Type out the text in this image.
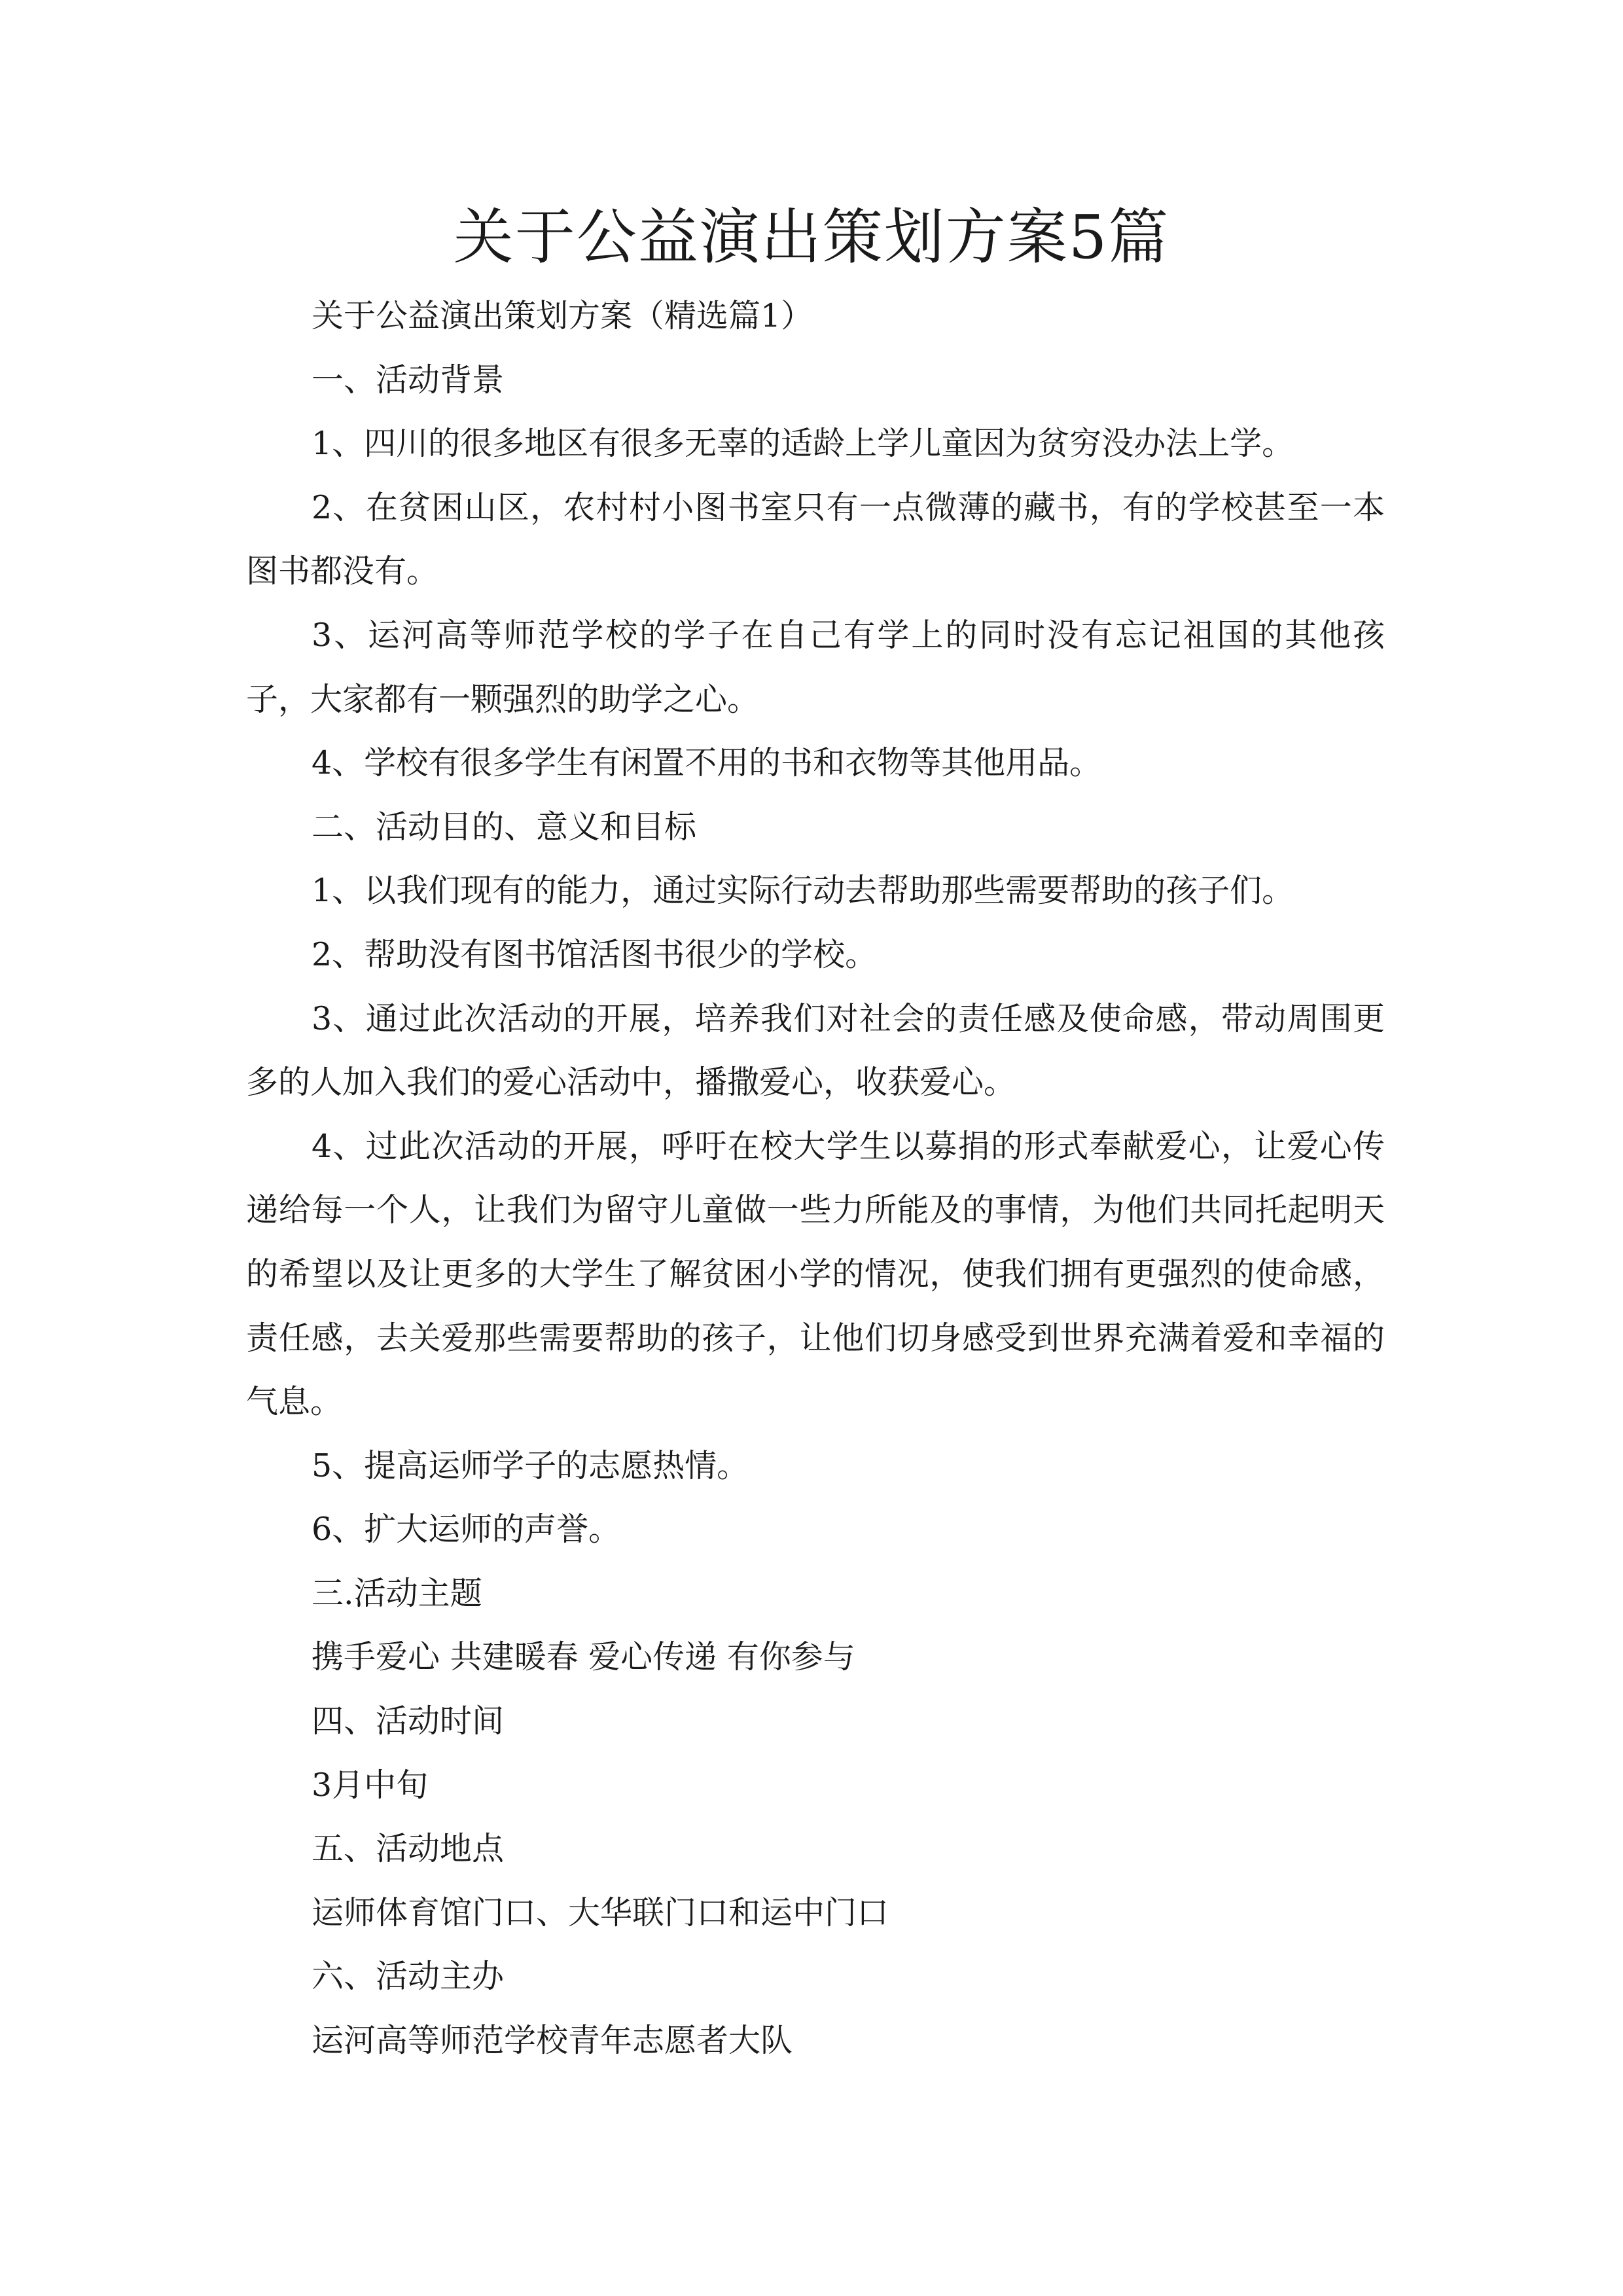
关于公益演出策划方案5篇

关于公益演出策划方案（精选篇1）

一、活动背景

1、四川的很多地区有很多无辜的适龄上学儿童因为贫穷没办法上学。

2、在贫困山区，农村村小图书室只有一点微薄的藏书，有的学校甚至一本图书都没有。

3、运河高等师范学校的学子在自己有学上的同时没有忘记祖国的其他孩子，大家都有一颗强烈的助学之心。

4、学校有很多学生有闲置不用的书和衣物等其他用品。

二、活动目的、意义和目标

1、以我们现有的能力，通过实际行动去帮助那些需要帮助的孩子们。

2、帮助没有图书馆活图书很少的学校。

3、通过此次活动的开展，培养我们对社会的责任感及使命感，带动周围更多的人加入我们的爱心活动中，播撒爱心，收获爱心。

4、过此次活动的开展，呼吁在校大学生以募捐的形式奉献爱心，让爱心传递给每一个人，让我们为留守儿童做一些力所能及的事情，为他们共同托起明天的希望以及让更多的大学生了解贫困小学的情况，使我们拥有更强烈的使命感，责任感，去关爱那些需要帮助的孩子，让他们切身感受到世界充满着爱和幸福的气息。

5、提高运师学子的志愿热情。

6、扩大运师的声誉。

三.活动主题

携手爱心 共建暖春 爱心传递 有你参与

四、活动时间

3月中旬

五、活动地点

运师体育馆门口、大华联门口和运中门口

六、活动主办

运河高等师范学校青年志愿者大队
